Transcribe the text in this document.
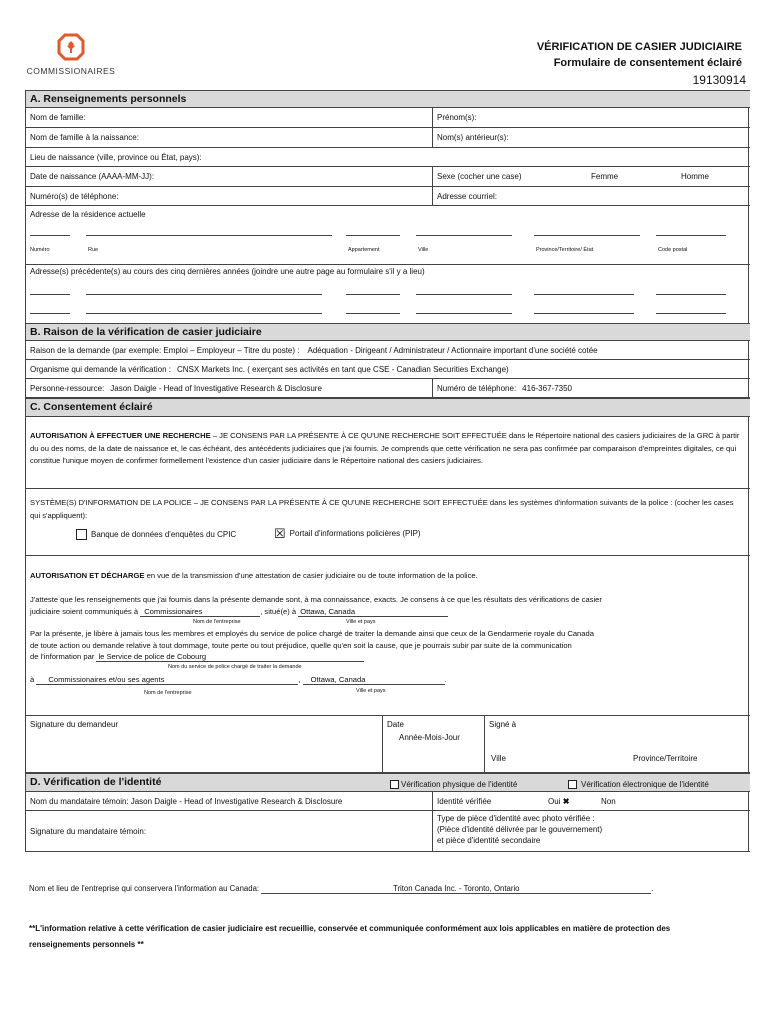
COMMISSIONAIRES
VÉRIFICATION DE CASIER JUDICIAIRE
Formulaire de consentement éclairé
19130914
A. Renseignements personnels
Nom de famille:	Prénom(s):
Nom de famille à la naissance:	Nom(s) antérieur(s):
Lieu de naissance (ville, province ou État, pays):
Date de naissance (AAAA-MM-JJ):	Sexe (cocher une case)	Femme	Homme
Numéro(s) de téléphone:	Adresse courriel:
Adresse de la résidence actuelle
Numéro	Rue	Appartement	Ville	Province/Territoire/ État	Code postal
Adresse(s) précédente(s) au cours des cinq dernières années (joindre une autre page au formulaire s'il y a lieu)
B. Raison de la vérification de casier judiciaire
Raison de la demande (par exemple: Emploi – Employeur – Titre du poste) : Adéquation - Dirigeant / Administrateur / Actionnaire important d'une société cotée
Organisme qui demande la vérification : CNSX Markets Inc. ( exerçant ses activités en tant que CSE - Canadian Securities Exchange)
Personne-ressource: Jason Daigle - Head of Investigative Research & Disclosure	Numéro de téléphone: 416-367-7350
C. Consentement éclairé
AUTORISATION À EFFECTUER UNE RECHERCHE – JE CONSENS PAR LA PRÉSENTE À CE QU'UNE RECHERCHE SOIT EFFECTUÉE dans le Répertoire national des casiers judiciaires de la GRC à partir du ou des noms, de la date de naissance et, le cas échéant, des antécédents judiciaires que j'ai fournis. Je comprends que cette vérification ne sera pas confirmée par comparaison d'empreintes digitales, ce qui constitue l'unique moyen de confirmer formellement l'existence d'un casier judiciaire dans le Répertoire national des casiers judiciaires.
SYSTÈME(S) D'INFORMATION DE LA POLICE – JE CONSENS PAR LA PRÉSENTE À CE QU'UNE RECHERCHE SOIT EFFECTUÉE dans les systèmes d'information suivants de la police : (cocher les cases qui s'appliquent):
Banque de données d'enquêtes du CPIC	☒ Portail d'informations policières (PIP)
AUTORISATION ET DÉCHARGE en vue de la transmission d'une attestation de casier judiciaire ou de toute information de la police.
J'atteste que les renseignements que j'ai fournis dans la présente demande sont, à ma connaissance, exacts. Je consens à ce que les résultats des vérifications de casier
judiciaire soient communiqués à Commissionaires	, situé(e) à Ottawa, Canada
Nom de l'entreprise	Ville et pays
Par la présente, je libère à jamais tous les membres et employés du service de police chargé de traiter la demande ainsi que ceux de la Gendarmerie royale du Canada
de toute action ou demande relative à tout dommage, toute perte ou tout préjudice, quelle qu'en soit la cause, que je pourrais subir par suite de la communication
de l'information par le Service de police de Cobourg
Nom du service de police chargé de traiter la demande
à Commissionaires et/ou ses agents	, Ottawa, Canada	.
Nom de l'entreprise	Ville et pays
Signature du demandeur	Date
Année-Mois-Jour
Signé à
Ville	Province/Territoire
D. Vérification de l'identité	Vérification physique de l'identité	Vérification électronique de l'identité
Nom du mandataire témoin: Jason Daigle - Head of Investigative Research & Disclosure	Identité vérifiée	Oui ✖	Non
Signature du mandataire témoin:
Type de pièce d'identité avec photo vérifiée :
(Pièce d'identité délivrée par le gouvernement)
et pièce d'identité secondaire
Nom et lieu de l'entreprise qui conservera l'information au Canada:	Triton Canada Inc. - Toronto, Ontario	.
**L'information relative à cette vérification de casier judiciaire est recueillie, conservée et communiquée conformément aux lois applicables en matière de protection des renseignements personnels **
